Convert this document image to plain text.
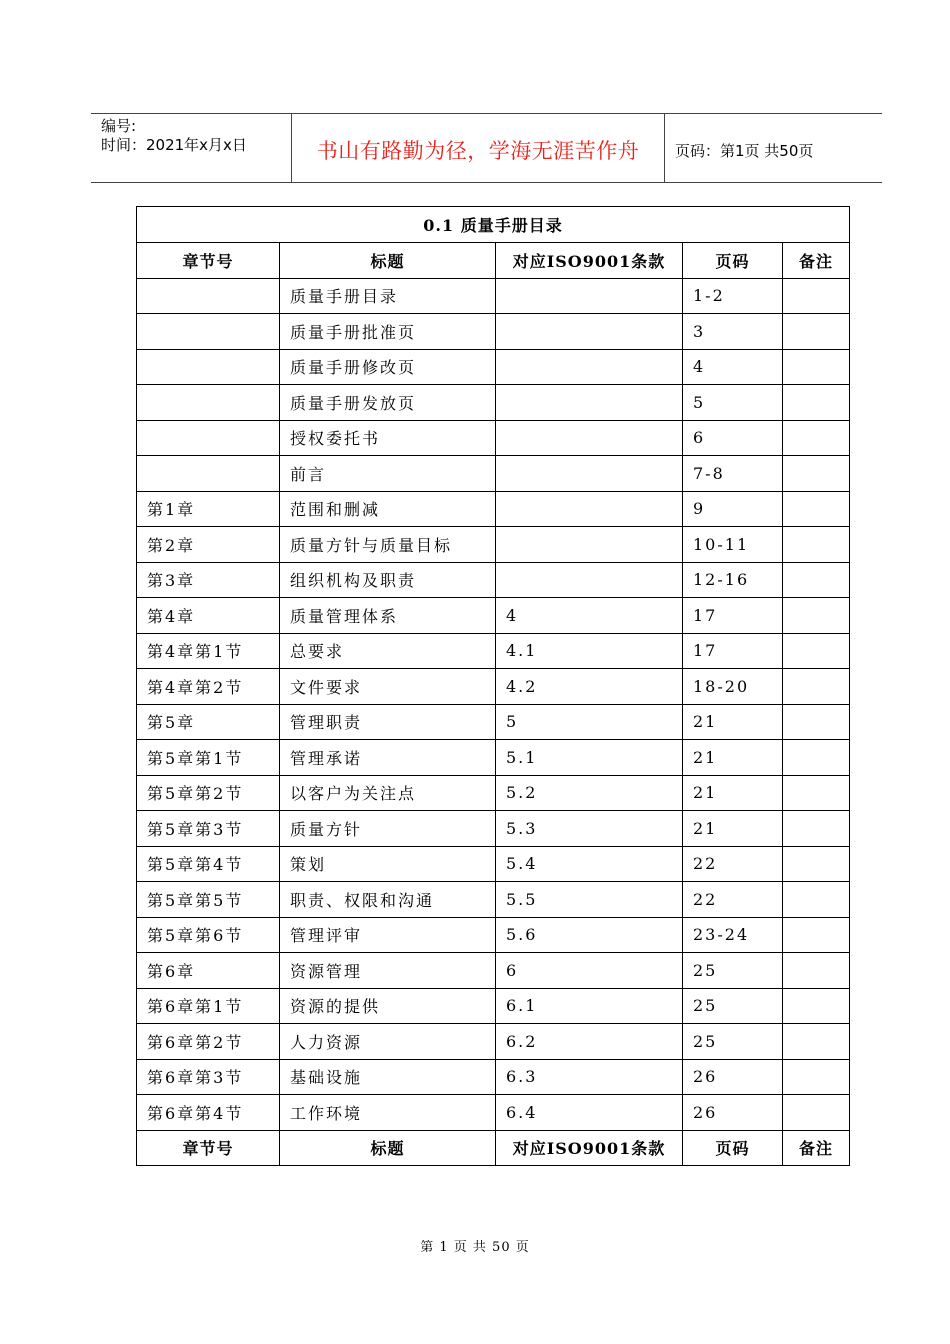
编号:
时间：2021年x月x日	书山有路勤为径，学海无涯苦作舟	页码：第1页 共50页
0.1 质量手册目录				
章节号	标题	对应ISO9001条款	页码	备注
	质量手册目录		1-2	
	质量手册批准页		3	
	质量手册修改页		4	
	质量手册发放页		5	
	授权委托书		6	
	前言		7-8	
第1章	范围和删减		9	
第2章	质量方针与质量目标		10-11	
第3章	组织机构及职责		12-16	
第4章	质量管理体系	4	17	
第4章第1节	总要求	4.1	17	
第4章第2节	文件要求	4.2	18-20	
第5章	管理职责	5	21	
第5章第1节	管理承诺	5.1	21	
第5章第2节	以客户为关注点	5.2	21	
第5章第3节	质量方针	5.3	21	
第5章第4节	策划	5.4	22	
第5章第5节	职责、权限和沟通	5.5	22	
第5章第6节	管理评审	5.6	23-24	
第6章	资源管理	6	25	
第6章第1节	资源的提供	6.1	25	
第6章第2节	人力资源	6.2	25	
第6章第3节	基础设施	6.3	26	
第6章第4节	工作环境	6.4	26	
章节号	标题	对应ISO9001条款	页码	备注
第 1 页 共 50 页
